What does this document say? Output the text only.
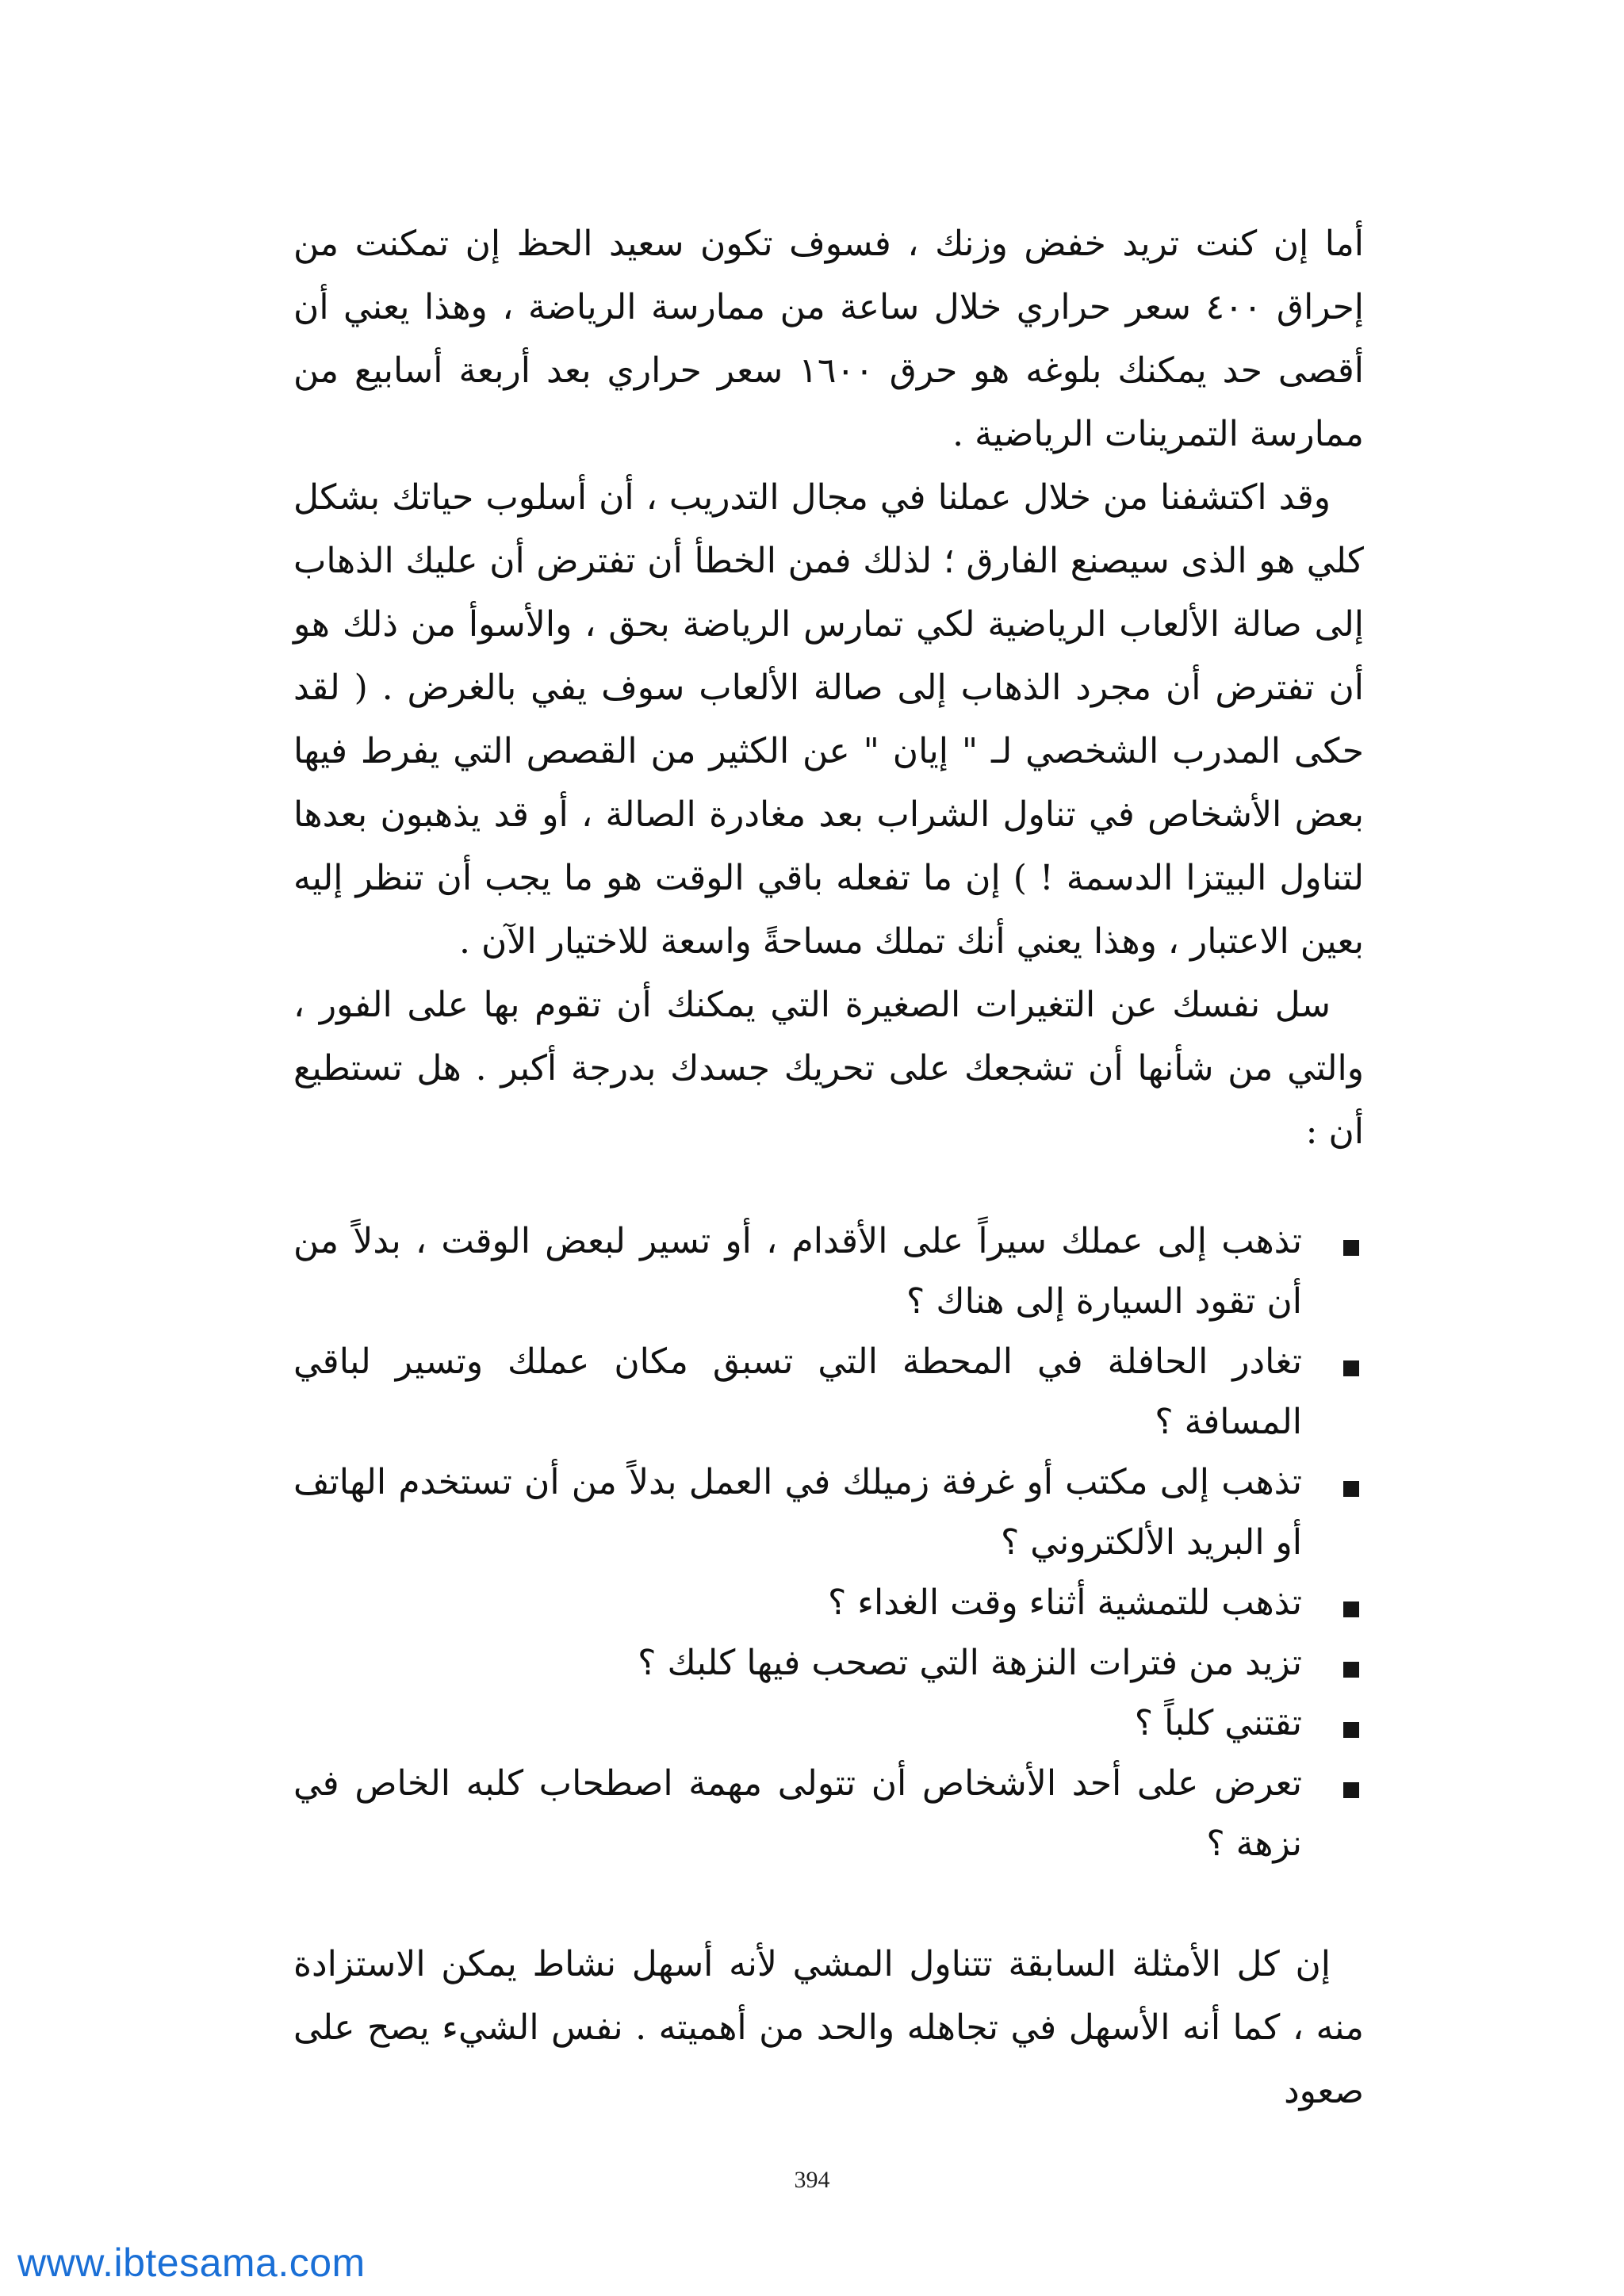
أما إن كنت تريد خفض وزنك ، فسوف تكون سعيد الحظ إن تمكنت من إحراق ٤٠٠ سعر حراري خلال ساعة من ممارسة الرياضة ، وهذا يعني أن أقصى حد يمكنك بلوغه هو حرق ١٦٠٠ سعر حراري بعد أربعة أسابيع من ممارسة التمرينات الرياضية .

وقد اكتشفنا من خلال عملنا في مجال التدريب ، أن أسلوب حياتك بشكل كلي هو الذى سيصنع الفارق ؛ لذلك فمن الخطأ أن تفترض أن عليك الذهاب إلى صالة الألعاب الرياضية لكي تمارس الرياضة بحق ، والأسوأ من ذلك هو أن تفترض أن مجرد الذهاب إلى صالة الألعاب سوف يفي بالغرض . ( لقد حكى المدرب الشخصي لـ " إيان " عن الكثير من القصص التي يفرط فيها بعض الأشخاص في تناول الشراب بعد مغادرة الصالة ، أو قد يذهبون بعدها لتناول البيتزا الدسمة ! ) إن ما تفعله باقي الوقت هو ما يجب أن تنظر إليه بعين الاعتبار ، وهذا يعني أنك تملك مساحةً واسعة للاختيار الآن .

سل نفسك عن التغيرات الصغيرة التي يمكنك أن تقوم بها على الفور ، والتي من شأنها أن تشجعك على تحريك جسدك بدرجة أكبر . هل تستطيع أن :

تذهب إلى عملك سيراً على الأقدام ، أو تسير لبعض الوقت ، بدلاً من أن تقود السيارة إلى هناك ؟
تغادر الحافلة في المحطة التي تسبق مكان عملك وتسير لباقي المسافة ؟
تذهب إلى مكتب أو غرفة زميلك في العمل بدلاً من أن تستخدم الهاتف أو البريد الألكتروني ؟
تذهب للتمشية أثناء وقت الغداء ؟
تزيد من فترات النزهة التي تصحب فيها كلبك ؟
تقتني كلباً ؟
تعرض على أحد الأشخاص أن تتولى مهمة اصطحاب كلبه الخاص في نزهة ؟

إن كل الأمثلة السابقة تتناول المشي لأنه أسهل نشاط يمكن الاستزادة منه ، كما أنه الأسهل في تجاهله والحد من أهميته . نفس الشيء يصح على صعود

394
www.ibtesama.com
